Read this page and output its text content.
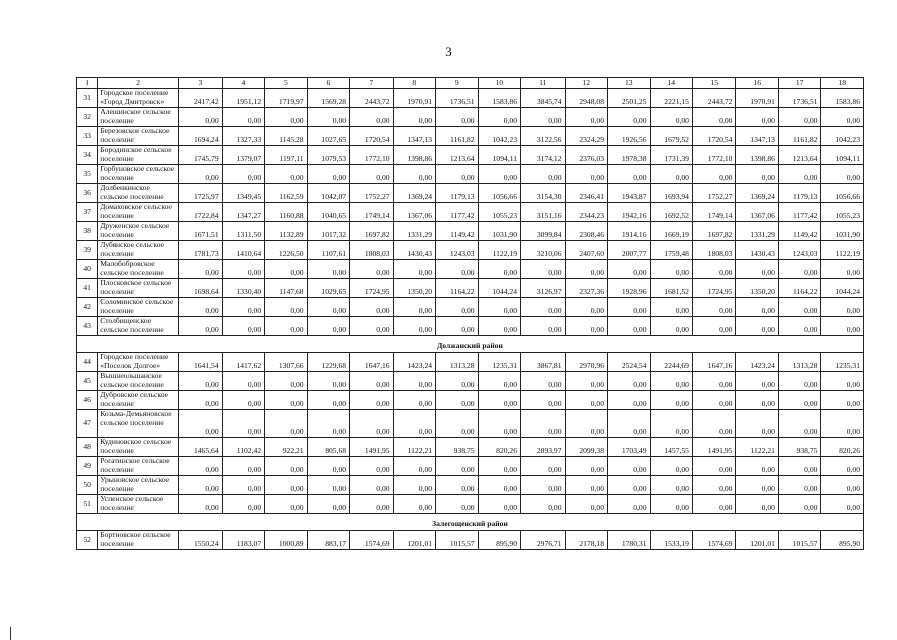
3
1	2	3	4	5	6	7	8	9	10	11	12	13	14	15	16	17	18
31	Городское поселение «Город Дмитровск»	2417,42	1951,12	1719,97	1569,28	2443,72	1970,91	1736,51	1583,86	3845,74	2948,08	2501,25	2221,15	2443,72	1970,91	1736,51	1583,86
32	Алешинское сельское поселение	0,00	0,00	0,00	0,00	0,00	0,00	0,00	0,00	0,00	0,00	0,00	0,00	0,00	0,00	0,00	0,00
33	Березовское сельское поселение	1694,24	1327,33	1145,28	1027,65	1720,54	1347,13	1161,82	1042,23	3122,56	2324,29	1926,56	1679,52	1720,54	1347,13	1161,82	1042,23
34	Бородинское сельское поселение	1745,79	1379,07	1197,11	1079,53	1772,10	1398,86	1213,64	1094,11	3174,12	2376,03	1978,38	1731,39	1772,10	1398,86	1213,64	1094,11
35	Горбуновское сельское поселение	0,00	0,00	0,00	0,00	0,00	0,00	0,00	0,00	0,00	0,00	0,00	0,00	0,00	0,00	0,00	0,00
36	Долбенкинское сельское поселение	1725,97	1349,45	1162,59	1042,07	1752,27	1369,24	1179,13	1056,66	3154,30	2346,41	1943,87	1693,94	1752,27	1369,24	1179,13	1056,66
37	Домаховское сельское поселение	1722,84	1347,27	1160,88	1040,65	1749,14	1367,06	1177,42	1055,23	3151,16	2344,23	1942,16	1692,52	1749,14	1367,06	1177,42	1055,23
38	Друженское сельское поселение	1671,51	1311,50	1132,89	1017,32	1697,82	1331,29	1149,42	1031,90	3099,84	2308,46	1914,16	1669,19	1697,82	1331,29	1149,42	1031,90
39	Лубянское сельское поселение	1781,73	1410,64	1226,50	1107,61	1808,03	1430,43	1243,03	1122,19	3210,06	2407,60	2007,77	1759,48	1808,03	1430,43	1243,03	1122,19
40	Малобобровское сельское поселение	0,00	0,00	0,00	0,00	0,00	0,00	0,00	0,00	0,00	0,00	0,00	0,00	0,00	0,00	0,00	0,00
41	Плосковское сельское поселение	1698,64	1330,40	1147,68	1029,65	1724,95	1350,20	1164,22	1044,24	3126,97	2327,36	1928,96	1681,52	1724,95	1350,20	1164,22	1044,24
42	Соломинское сельское поселение	0,00	0,00	0,00	0,00	0,00	0,00	0,00	0,00	0,00	0,00	0,00	0,00	0,00	0,00	0,00	0,00
43	Столбищенское сельское поселение	0,00	0,00	0,00	0,00	0,00	0,00	0,00	0,00	0,00	0,00	0,00	0,00	0,00	0,00	0,00	0,00
Должанский район																	
44	Городское поселение «Поселок Долгое»	1641,54	1417,62	1307,66	1229,68	1647,16	1423,24	1313,28	1235,31	3867,81	2970,96	2524,54	2244,69	1647,16	1423,24	1313,28	1235,31
45	Вышнеольшанское сельское поселение	0,00	0,00	0,00	0,00	0,00	0,00	0,00	0,00	0,00	0,00	0,00	0,00	0,00	0,00	0,00	0,00
46	Дубровское сельское поселение	0,00	0,00	0,00	0,00	0,00	0,00	0,00	0,00	0,00	0,00	0,00	0,00	0,00	0,00	0,00	0,00
47	Козьма-Демьяновское сельское поселение	0,00	0,00	0,00	0,00	0,00	0,00	0,00	0,00	0,00	0,00	0,00	0,00	0,00	0,00	0,00	0,00
48	Кудиновское сельское поселение	1465,64	1102,42	922,21	805,68	1491,95	1122,21	938,75	820,26	2893,97	2099,38	1703,49	1457,55	1491,95	1122,21	938,75	820,26
49	Рогатинское сельское поселение	0,00	0,00	0,00	0,00	0,00	0,00	0,00	0,00	0,00	0,00	0,00	0,00	0,00	0,00	0,00	0,00
50	Урыновское сельское поселение	0,00	0,00	0,00	0,00	0,00	0,00	0,00	0,00	0,00	0,00	0,00	0,00	0,00	0,00	0,00	0,00
51	Успенское сельское поселение	0,00	0,00	0,00	0,00	0,00	0,00	0,00	0,00	0,00	0,00	0,00	0,00	0,00	0,00	0,00	0,00
Залегощенский район																	
52	Бортновское сельское поселение	1550,24	1183,07	1000,89	883,17	1574,69	1201,01	1015,57	895,90	2976,71	2178,18	1780,31	1533,19	1574,69	1201,01	1015,57	895,90
